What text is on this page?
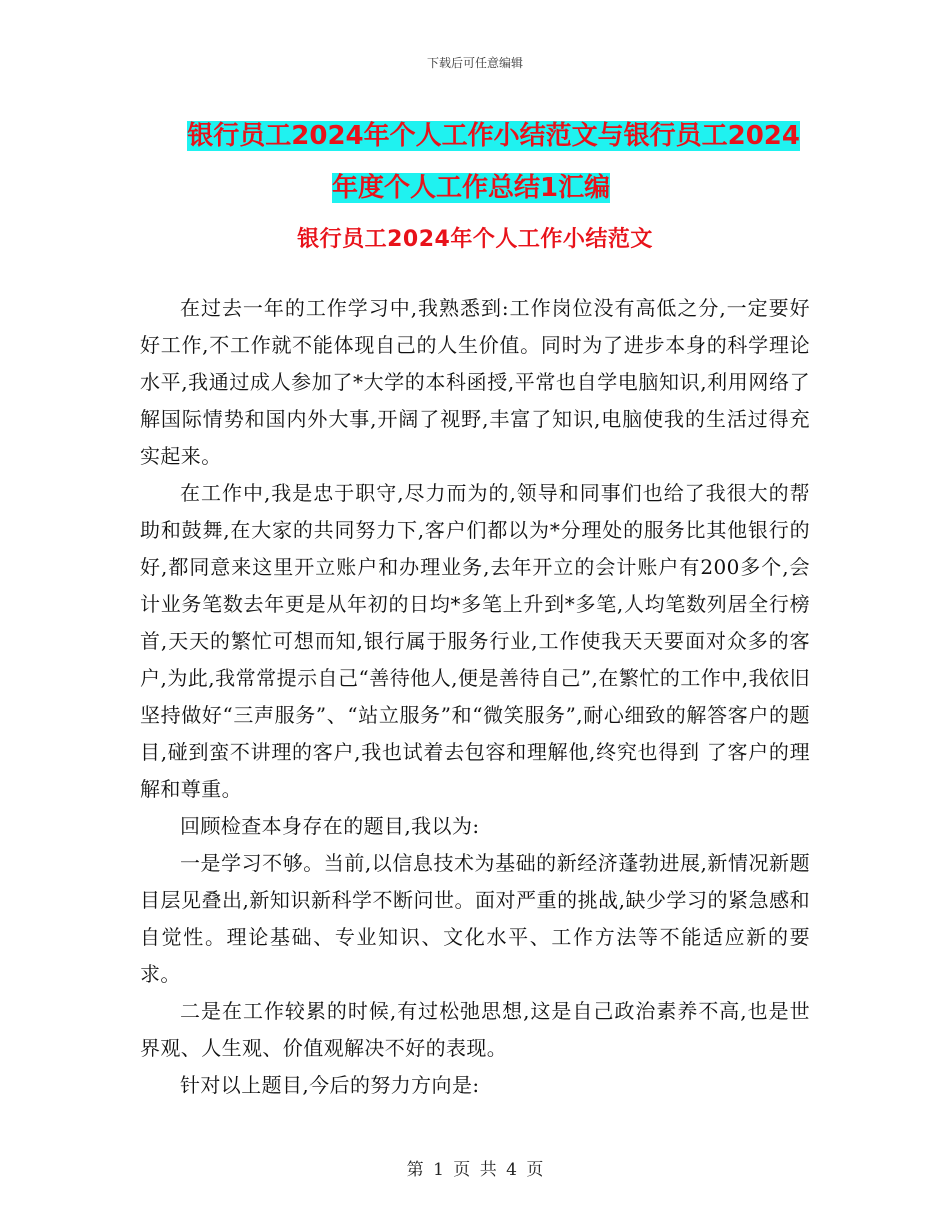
下载后可任意编辑
银行员工2024年个人工作小结范文与银行员工2024
年度个人工作总结1汇编
银行员工2024年个人工作小结范文

在过去一年的工作学习中,我熟悉到:工作岗位没有高低之分,一定要好好工作,不工作就不能体现自己的人生价值。同时为了进步本身的科学理论水平,我通过成人参加了*大学的本科函授,平常也自学电脑知识,利用网络了解国际情势和国内外大事,开阔了视野,丰富了知识,电脑使我的生活过得充实起来。

在工作中,我是忠于职守,尽力而为的,领导和同事们也给了我很大的帮助和鼓舞,在大家的共同努力下,客户们都以为*分理处的服务比其他银行的好,都同意来这里开立账户和办理业务,去年开立的会计账户有200多个,会计业务笔数去年更是从年初的日均*多笔上升到*多笔,人均笔数列居全行榜首,天天的繁忙可想而知,银行属于服务行业,工作使我天天要面对众多的客户,为此,我常常提示自己“善待他人,便是善待自己”,在繁忙的工作中,我依旧坚持做好“三声服务”、“站立服务”和“微笑服务”,耐心细致的解答客户的题目,碰到蛮不讲理的客户,我也试着去包容和理解他,终究也得到 了客户的理解和尊重。

回顾检查本身存在的题目,我以为:

一是学习不够。当前,以信息技术为基础的新经济蓬勃进展,新情况新题目层见叠出,新知识新科学不断问世。面对严重的挑战,缺少学习的紧急感和自觉性。理论基础、专业知识、文化水平、工作方法等不能适应新的要求。

二是在工作较累的时候,有过松弛思想,这是自己政治素养不高,也是世界观、人生观、价值观解决不好的表现。

针对以上题目,今后的努力方向是:

第 1 页 共 4 页
